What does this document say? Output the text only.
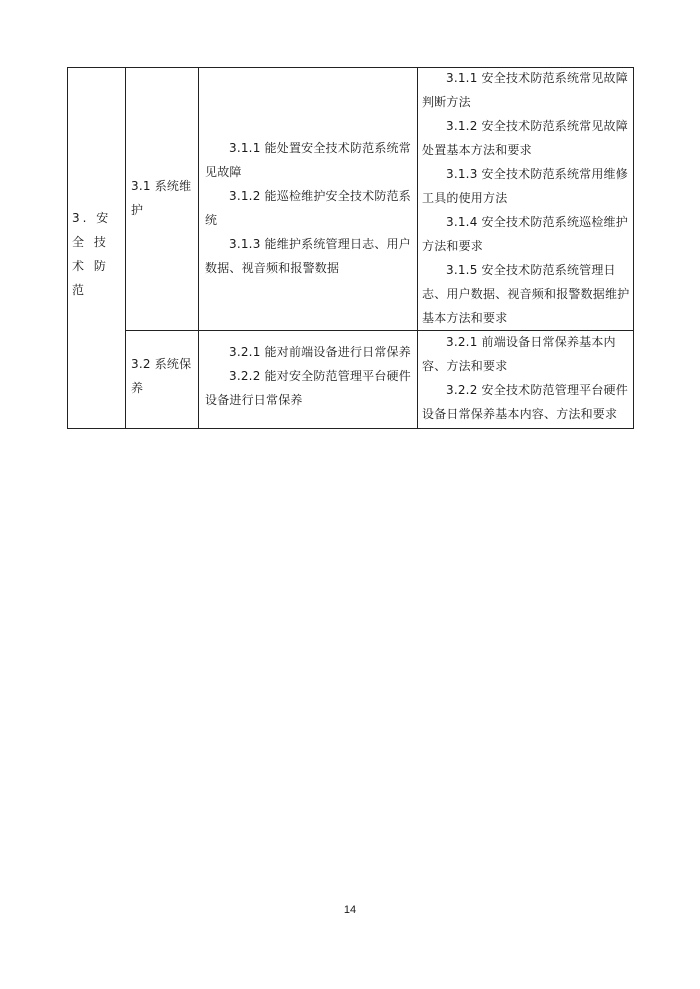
3. 安 全 技 术 防 范
3.1 系统维护

3.1.1 能处置安全技术防范系统常见故障

3.1.2 能巡检维护安全技术防范系统

3.1.3 能维护系统管理日志、用户数据、视音频和报警数据

3.1.1 安全技术防范系统常见故障判断方法

3.1.2 安全技术防范系统常见故障处置基本方法和要求

3.1.3 安全技术防范系统常用维修工具的使用方法

3.1.4 安全技术防范系统巡检维护方法和要求

3.1.5 安全技术防范系统管理日志、用户数据、视音频和报警数据维护基本方法和要求

3.2 系统保养

3.2.1 能对前端设备进行日常保养

3.2.2 能对安全防范管理平台硬件设备进行日常保养

3.2.1 前端设备日常保养基本内容、方法和要求

3.2.2 安全技术防范管理平台硬件设备日常保养基本内容、方法和要求

14
